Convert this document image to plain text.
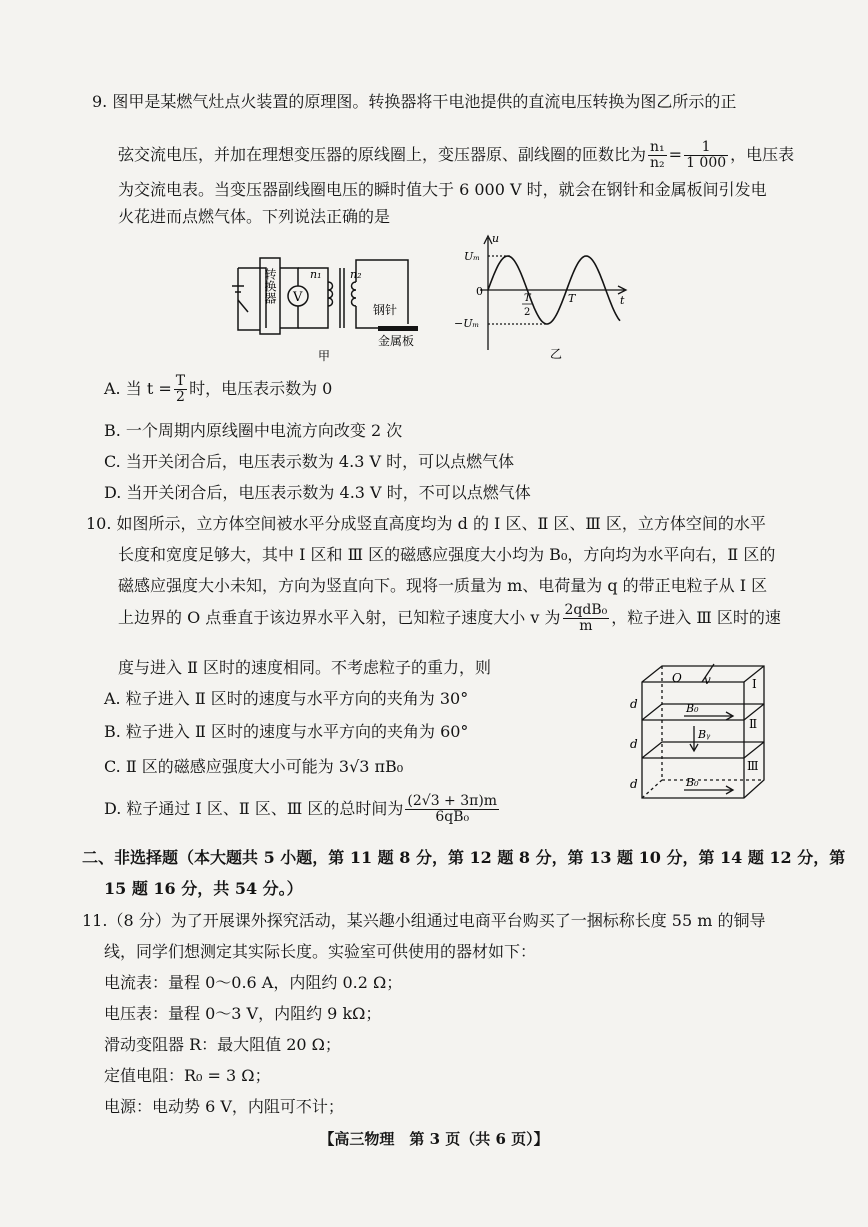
9. 图甲是某燃气灶点火装置的原理图。转换器将干电池提供的直流电压转换为图乙所示的正
弦交流电压，并加在理想变压器的原线圈上，变压器原、副线圈的匝数比为 $\frac{\text{n₁}}{\text{n₂}} = \frac{1}{1 000}$ ，电压表
为交流电表。当变压器副线圈电压的瞬时值大于 6 000 V 时，就会在钢针和金属板间引发电
火花进而点燃气体。下列说法正确的是
转换器 V
n₁	n₂
钢针
金属板
甲
u
t
Uₘ
−Uₘ
0
T
2
T
乙
A. 当 $t = \frac{T}{2}$ 时，电压表示数为 0
B. 一个周期内原线圈中电流方向改变 2 次
C. 当开关闭合后，电压表示数为 4.3 V 时，可以点燃气体
D. 当开关闭合后，电压表示数为 4.3 V 时，不可以点燃气体
10. 如图所示，立方体空间被水平分成竖直高度均为 d 的 Ⅰ 区、Ⅱ 区、Ⅲ 区，立方体空间的水平
长度和宽度足够大，其中 Ⅰ 区和 Ⅲ 区的磁感应强度大小均为 B₀，方向均为水平向右，Ⅱ 区的
磁感应强度大小未知，方向为竖直向下。现将一质量为 m、电荷量为 q 的带正电粒子从 Ⅰ 区
上边界的 O 点垂直于该边界水平入射，已知粒子速度大小 v 为 $\frac{\text{2qdB₀}}{m}$ ，粒子进入 Ⅲ 区时的速
度与进入 Ⅱ 区时的速度相同。不考虑粒子的重力，则
A. 粒子进入 Ⅱ 区时的速度与水平方向的夹角为 30°
B. 粒子进入 Ⅱ 区时的速度与水平方向的夹角为 60°
C. Ⅱ 区的磁感应强度大小可能为 3√3 πB₀
D. 粒子通过 Ⅰ 区、Ⅱ 区、Ⅲ 区的总时间为 $\frac{(2√3 + 3\pi)m}{\text{6qB₀}}$
O v
d
d
d
B₀
Bᵧ
B₀
Ⅰ
Ⅱ
Ⅲ
二、非选择题（本大题共 5 小题，第 11 题 8 分，第 12 题 8 分，第 13 题 10 分，第 14 题 12 分，第
15 题 16 分，共 54 分。）
11.（8 分）为了开展课外探究活动，某兴趣小组通过电商平台购买了一捆标称长度 55 m 的铜导
线，同学们想测定其实际长度。实验室可供使用的器材如下：
电流表：量程 0～0.6 A，内阻约 0.2 Ω；
电压表：量程 0～3 V，内阻约 9 kΩ；
滑动变阻器 R：最大阻值 20 Ω；
定值电阻：R₀ = 3 Ω；
电源：电动势 6 V，内阻可不计；
【高三物理　第 3 页（共 6 页）】
